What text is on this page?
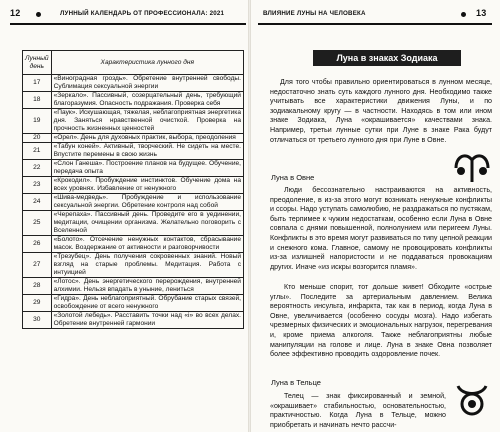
12	ЛУННЫЙ КАЛЕНДАРЬ ОТ ПРОФЕССИОНАЛА: 2021	ВЛИЯНИЕ ЛУНЫ НА ЧЕЛОВЕКА	13
Лунный день	Характеристика лунного дня
17	«Виноградная гроздь». Обретение внутренней свободы. Сублимация сексуальной энергии
18	«Зеркало». Пассивный, созерцательный день, требующий благоразумия. Опасность подражания. Проверка себя
19	«Паук». Искушающая, тяжелая, неблагоприятная энергетика дня. Заняться нравственной очисткой. Проверка на прочность жизненных ценностей
20	«Орел». День для духовных практик, выбора, преодоления
21	«Табун коней». Активный, творческий. Не сидеть на месте. Впустите перемены в свою жизнь
22	«Слон Ганеша». Построение планов на будущее. Обучение, передача опыта
23	«Крокодил». Пробуждение инстинктов. Обучение дома на всех уровнях. Избавление от ненужного
24	«Шива-медведь». Пробуждение и использование сексуальной энергии. Обретение контроля над собой
25	«Черепаха». Пассивный день. Проведите его в уединении, медитации, очищении организма. Желательно поговорить с Вселенной
26	«Болото». Отсечение ненужных контактов, сбрасывание масок. Воздержание от активности и разговорчивости
27	«Трезубец». День получения сокровенных знаний. Новый взгляд на старые проблемы. Медитация. Работа с интуицией
28	«Лотос». День энергетического перерождения, внутренней алхимии. Нельзя впадать в уныние, лениться
29	«Гидра». День неблагоприятный. Обрубание старых связей, освобождение от всего ненужного
30	«Золотой лебедь». Расставить точки над «i» во всех делах. Обретение внутренней гармонии
Для того чтобы правильно ориентироваться в лунном месяце, недостаточно знать суть каждого лунного дня. Необходимо также учитывать все характеристики движения Луны, и по зодиакальному кругу — в частности. Находясь в том или ином знаке Зодиака, Луна «окрашивается» качествами знака. Например, третьи лунные сутки при Луне в знаке Рака будут отличаться от третьего лунного дня при Луне в Овне.
Луна в знаках Зодиака
Луна в Овне
Люди бессознательно настраиваются на активность, преодоление, в из-за этого могут возникать ненужные конфликты и ссоры. Надо уступать самолюбию, не раздражаться по пустякам, быть терпимее к чужим недостаткам, особенно если Луна в Овне совпала с днями повышенной, полнолунием или перигеем Луны. Конфликты в это время могут развиваться по типу цепной реакции и снежного кома. Главное, самому не провоцировать конфликты из-за излишней напористости и не поддаваться провокациям других. Иначе «из искры возгорится пламя».
Кто меньше спорит, тот дольше живет! Обходите «острые углы». Последите за артериальным давлением. Велика вероятность инсульта, инфаркта, так как в период, когда Луна в Овне, увеличивается (особенно сосуды мозга). Надо избегать чрезмерных физических и эмоциональных нагрузок, перегревания и, кроме приема алкоголя. Также неблагоприятны любые манипуляции на голове и лице. Луна в знаке Овна позволяет более эффективно проводить оздоровление почек.
Луна в Тельце
Телец — знак фиксированный и земной, «окрашивает» стабильностью, основательностью, практичностью. Когда Луна в Тельце, можно приобретать и начинать нечто рассчи-
